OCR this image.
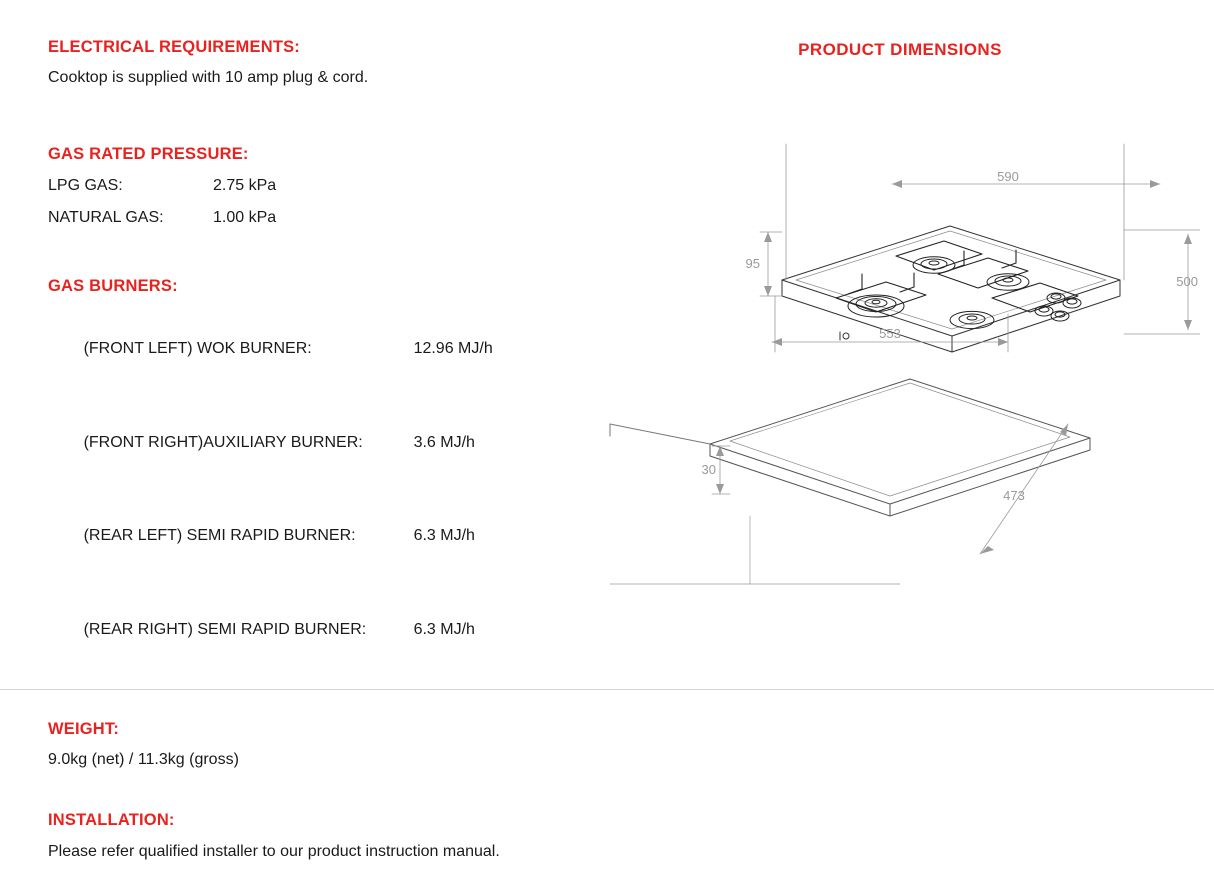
ELECTRICAL REQUIREMENTS:
Cooktop is supplied with 10 amp plug & cord.
GAS RATED PRESSURE:
LPG GAS:	2.75 kPa
NATURAL GAS:	1.00 kPa
GAS BURNERS:

(FRONT LEFT) WOK BURNER:	12.96 MJ/h

(FRONT RIGHT)AUXILIARY BURNER:	3.6 MJ/h

(REAR LEFT) SEMI RAPID BURNER:	6.3 MJ/h

(REAR RIGHT) SEMI RAPID BURNER:	6.3 MJ/h

WEIGHT:
9.0kg (net) / 11.3kg (gross)
INSTALLATION:
Please refer qualified installer to our product instruction manual.
PRODUCT DIMENSIONS
590
500
95
553
473
30
